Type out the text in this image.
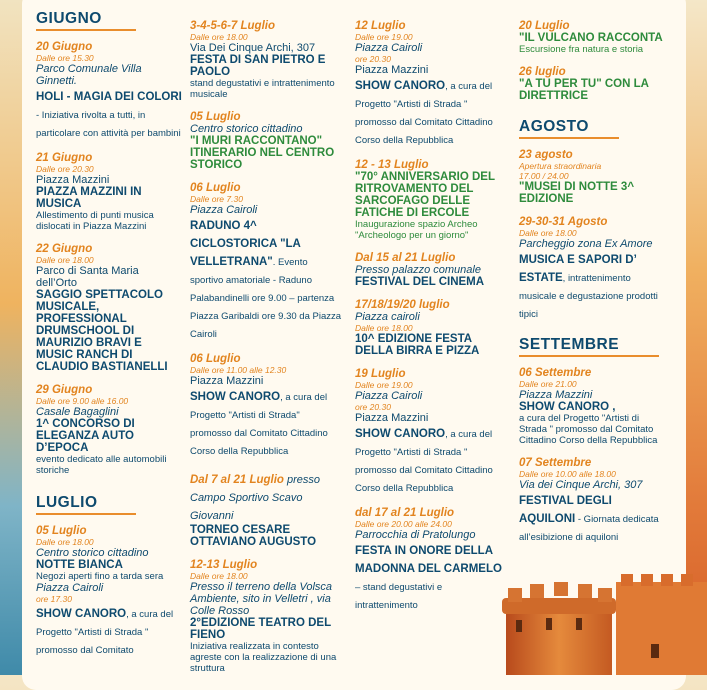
GIUGNO
20 Giugno
Dalle ore 15.30
Parco Comunale Villa Ginnetti.
HOLI - MAGIA DEI COLORI - Iniziativa rivolta a tutti, in particolare con attività per bambini
21 Giugno
Dalle ore 20.30
Piazza Mazzini
PIAZZA MAZZINI IN MUSICA
Allestimento di punti musica dislocati in Piazza Mazzini
22 Giugno
Dalle ore 18.00
Parco di Santa Maria dell’Orto
SAGGIO SPETTACOLO MUSICALE, PROFESSIONAL DRUMSCHOOL DI MAURIZIO BRAVI E MUSIC RANCH DI CLAUDIO BASTIANELLI
29 Giugno
Dalle ore 9.00 alle 16.00
Casale Bagaglini
1^ CONCORSO DI ELEGANZA AUTO D’EPOCA
evento dedicato alle automobili storiche
LUGLIO
05 Luglio
Dalle ore 18.00
Centro storico cittadino
NOTTE BIANCA
Negozi aperti fino a tarda sera
Piazza Cairoli
ore 17.30
SHOW CANORO, a cura del Progetto "Artisti di Strada " promosso dal Comitato
3-4-5-6-7 Luglio
Dalle ore 18.00
Via Dei Cinque Archi, 307
FESTA DI SAN PIETRO E PAOLO
stand degustativi e intrattenimento musicale
05 Luglio
Centro storico cittadino
"I MURI RACCONTANO" ITINERARIO NEL CENTRO STORICO
06 Luglio
Dalle ore 7.30
Piazza Cairoli
RADUNO 4^ CICLOSTORICA "LA VELLETRANA". Evento sportivo amatoriale - Raduno Palabandinelli ore 9.00 – partenza Piazza Garibaldi ore 9.30 da Piazza Cairoli
06 Luglio
Dalle ore 11.00 alle 12.30
Piazza Mazzini
SHOW CANORO, a cura del Progetto "Artisti di Strada" promosso dal Comitato Cittadino Corso della Repubblica
Dal 7 al 21 Luglio presso Campo Sportivo Scavo Giovanni
TORNEO CESARE OTTAVIANO AUGUSTO
12-13 Luglio
Dalle ore 18.00
Presso il terreno della Volsca Ambiente, sito in Velletri , via Colle Rosso
2°EDIZIONE TEATRO DEL FIENO
Iniziativa realizzata in contesto agreste con la realizzazione di una struttura
12 Luglio
Dalle ore 19.00
Piazza Cairoli
ore 20.30
Piazza Mazzini
SHOW CANORO, a cura del Progetto "Artisti di Strada " promosso dal Comitato Cittadino Corso della Repubblica
12 - 13 Luglio
"70° ANNIVERSARIO DEL RITROVAMENTO DEL SARCOFAGO DELLE FATICHE DI ERCOLE
Inaugurazione spazio Archeo "Archeologo per un giorno"
Dal 15 al 21 Luglio
Presso palazzo comunale
FESTIVAL DEL CINEMA
17/18/19/20 luglio
Piazza cairoli
Dalle ore 18.00
10^ EDIZIONE FESTA DELLA BIRRA E PIZZA
19 Luglio
Dalle ore 19.00
Piazza Cairoli
ore 20.30
Piazza Mazzini
SHOW CANORO, a cura del Progetto "Artisti di Strada " promosso dal Comitato Cittadino Corso della Repubblica
dal 17 al 21 Luglio
Dalle ore 20.00 alle 24.00
Parrocchia di Pratolungo
FESTA IN ONORE DELLA MADONNA DEL CARMELO – stand degustativi e intrattenimento
20 Luglio
"IL VULCANO RACCONTA
Escursione fra natura e storia
26 luglio
"A TU PER TU" CON LA DIRETTRICE
AGOSTO
23 agosto
Apertura straordinaria
17.00 / 24.00
"MUSEI DI NOTTE 3^ EDIZIONE
29-30-31 Agosto
Dalle ore 18.00
Parcheggio zona Ex Amore
MUSICA E SAPORI D’ ESTATE, intrattenimento musicale e degustazione prodotti tipici
SETTEMBRE
06 Settembre
Dalle ore 21.00
Piazza Mazzini
SHOW CANORO ,
a cura del Progetto "Artisti di Strada " promosso dal Comitato Cittadino Corso della Repubblica
07 Settembre
Dalle ore 10.00 alle 18.00
Via dei Cinque Archi, 307
FESTIVAL DEGLI AQUILONI - Giornata dedicata all’esibizione di aquiloni
